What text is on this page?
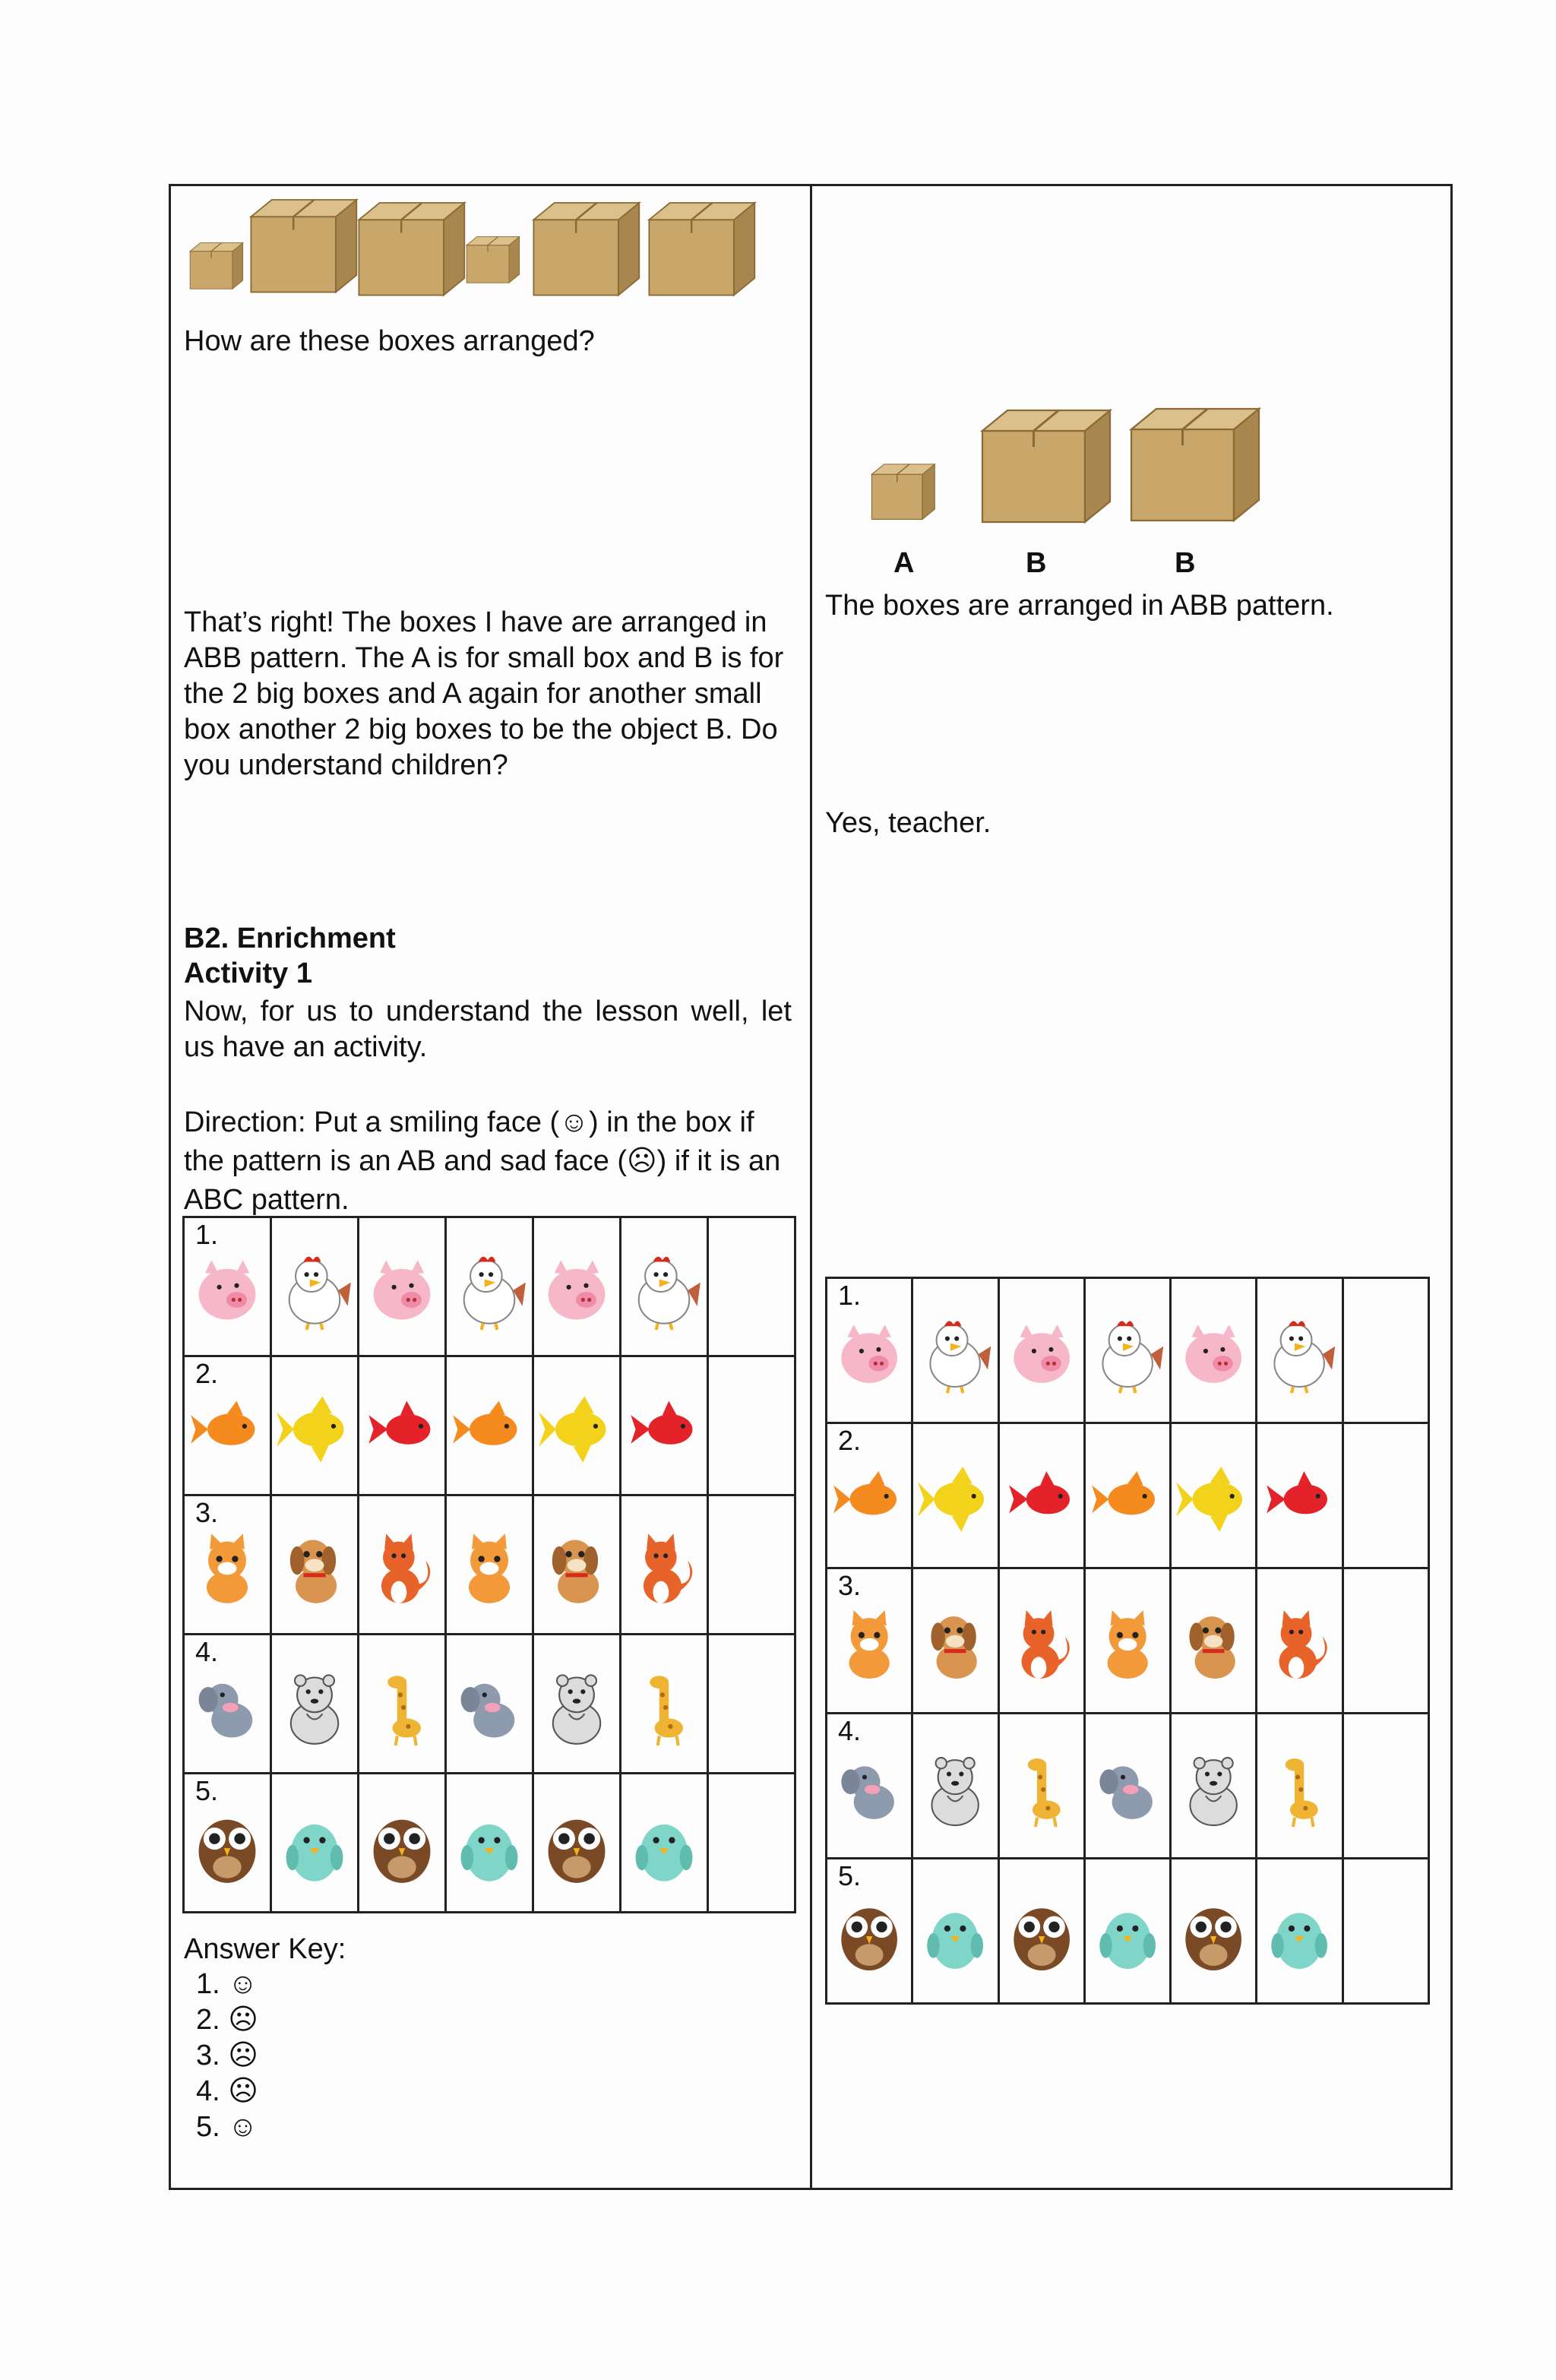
How are these boxes arranged?

That’s right! The boxes I have are arranged in ABB pattern. The A is for small box and B is for the 2 big boxes and A again for another small box another 2 big boxes to be the object B. Do you understand children?

B2. Enrichment

Activity 1

Now, for us to understand the lesson well, let us have an activity.

Direction: Put a smiling face (☺) in the box if the pattern is an AB and sad face (☹) if it is an ABC pattern.

1.

2.

3.

4.

5.

Answer Key:

1. ☺
2. ☹
3. ☹
4. ☹
5. ☺

A	B	B

The boxes are arranged in ABB pattern.

Yes, teacher.

1.

2.

3.

4.

5.
